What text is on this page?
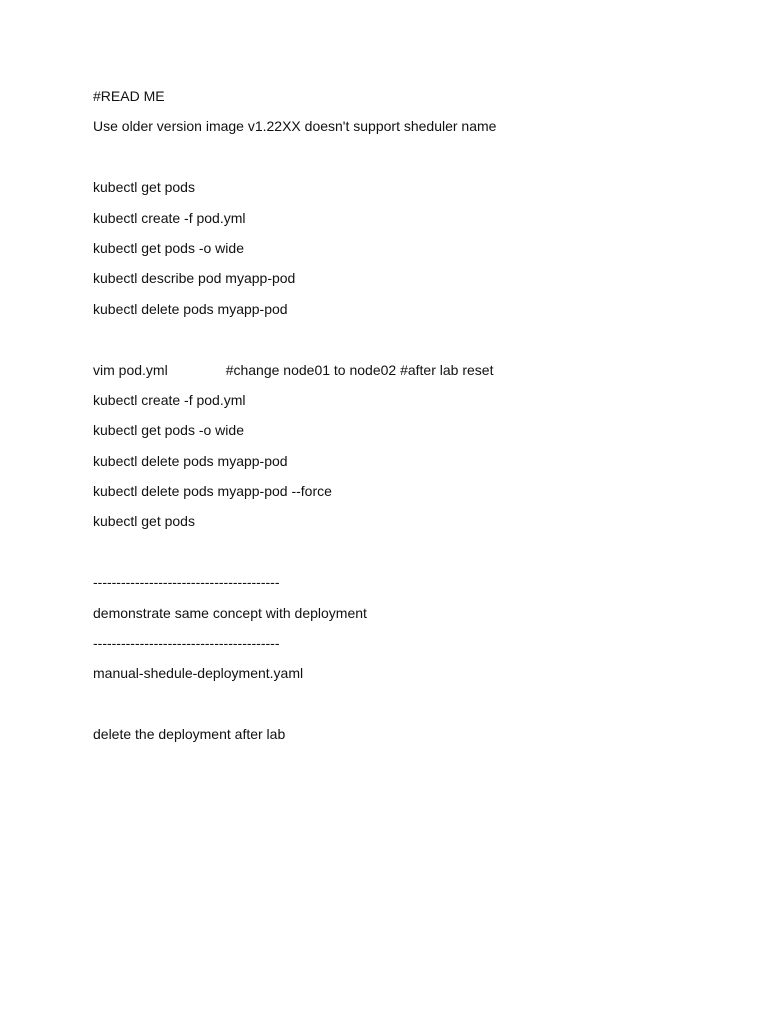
#READ ME
Use older version image v1.22XX doesn't support sheduler name
kubectl get pods
kubectl create -f pod.yml
kubectl get pods -o wide
kubectl describe pod myapp-pod
kubectl delete pods myapp-pod
vim pod.yml	#change node01 to node02 #after lab reset
kubectl create -f pod.yml
kubectl get pods -o wide
kubectl delete pods myapp-pod
kubectl delete pods myapp-pod --force
kubectl get pods
----------------------------------------
demonstrate same concept with deployment
----------------------------------------
manual-shedule-deployment.yaml
delete the deployment after lab
